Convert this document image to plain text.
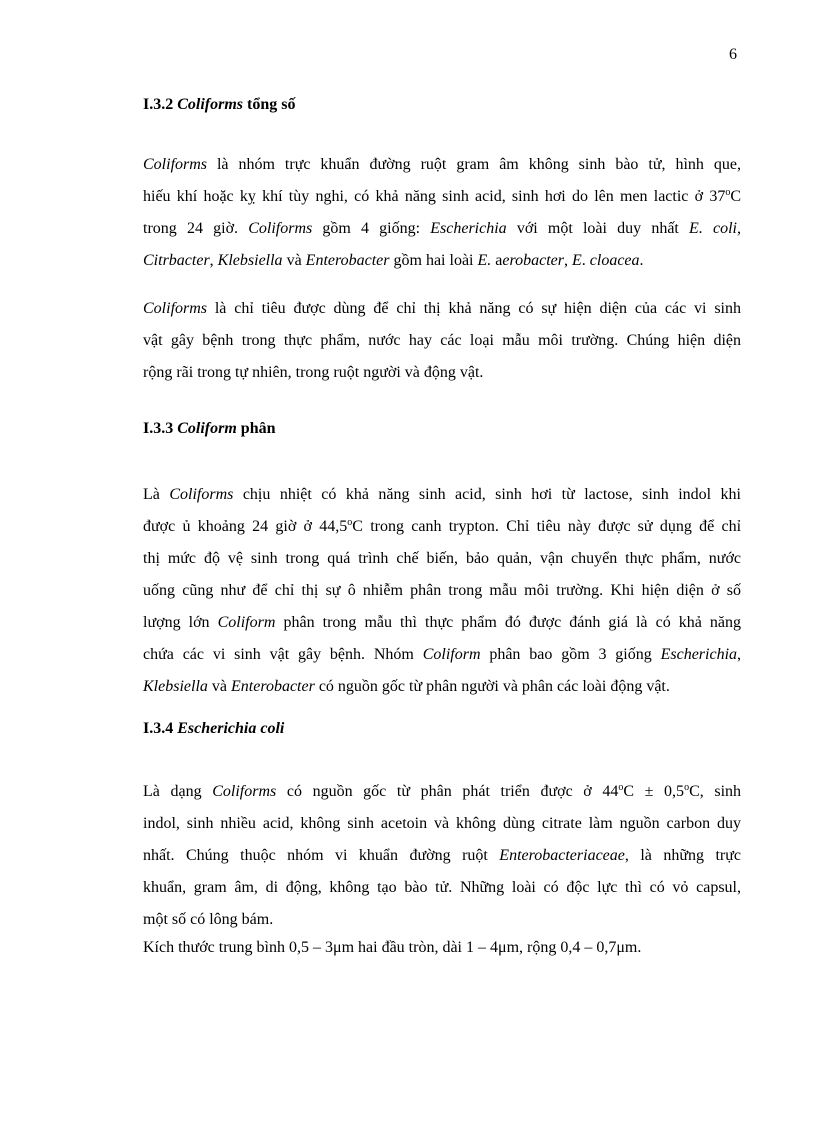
6
I.3.2 Coliforms tổng số
Coliforms là nhóm trực khuẩn đường ruột gram âm không sinh bào tử, hình que,
hiếu khí hoặc kỵ khí tùy nghi, có khả năng sinh acid, sinh hơi do lên men lactic ở 37$^o$C
trong 24 giờ. Coliforms gồm 4 giống: Escherichia với một loài duy nhất E. coli,
Citrbacter, Klebsiella và Enterobacter gồm hai loài E. aerobacter, E. cloacea.
Coliforms là chỉ tiêu được dùng để chỉ thị khả năng có sự hiện diện của các vi sinh
vật gây bệnh trong thực phẩm, nước hay các loại mẫu môi trường. Chúng hiện diện
rộng rãi trong tự nhiên, trong ruột người và động vật.
I.3.3 Coliform phân
Là Coliforms chịu nhiệt có khả năng sinh acid, sinh hơi từ lactose, sinh indol khi
được ủ khoảng 24 giờ ở 44,5$^o$C trong canh trypton. Chỉ tiêu này được sử dụng để chỉ
thị mức độ vệ sinh trong quá trình chế biến, bảo quản, vận chuyển thực phẩm, nước
uống cũng như để chỉ thị sự ô nhiễm phân trong mẫu môi trường. Khi hiện diện ở số
lượng lớn Coliform phân trong mẫu thì thực phẩm đó được đánh giá là có khả năng
chứa các vi sinh vật gây bệnh. Nhóm Coliform phân bao gồm 3 giống Escherichia,
Klebsiella và Enterobacter có nguồn gốc từ phân người và phân các loài động vật.
I.3.4 Escherichia coli
Là dạng Coliforms có nguồn gốc từ phân phát triển được ở $44^oC \pm 0,5^oC$, sinh
indol, sinh nhiều acid, không sinh acetoin và không dùng citrate làm nguồn carbon duy
nhất. Chúng thuộc nhóm vi khuẩn đường ruột Enterobacteriaceae, là những trực
khuẩn, gram âm, di động, không tạo bào tử. Những loài có độc lực thì có vỏ capsul,
một số có lông bám.
Kích thước trung bình 0,5 – 3μm hai đầu tròn, dài 1 – 4μm, rộng 0,4 – 0,7μm.
